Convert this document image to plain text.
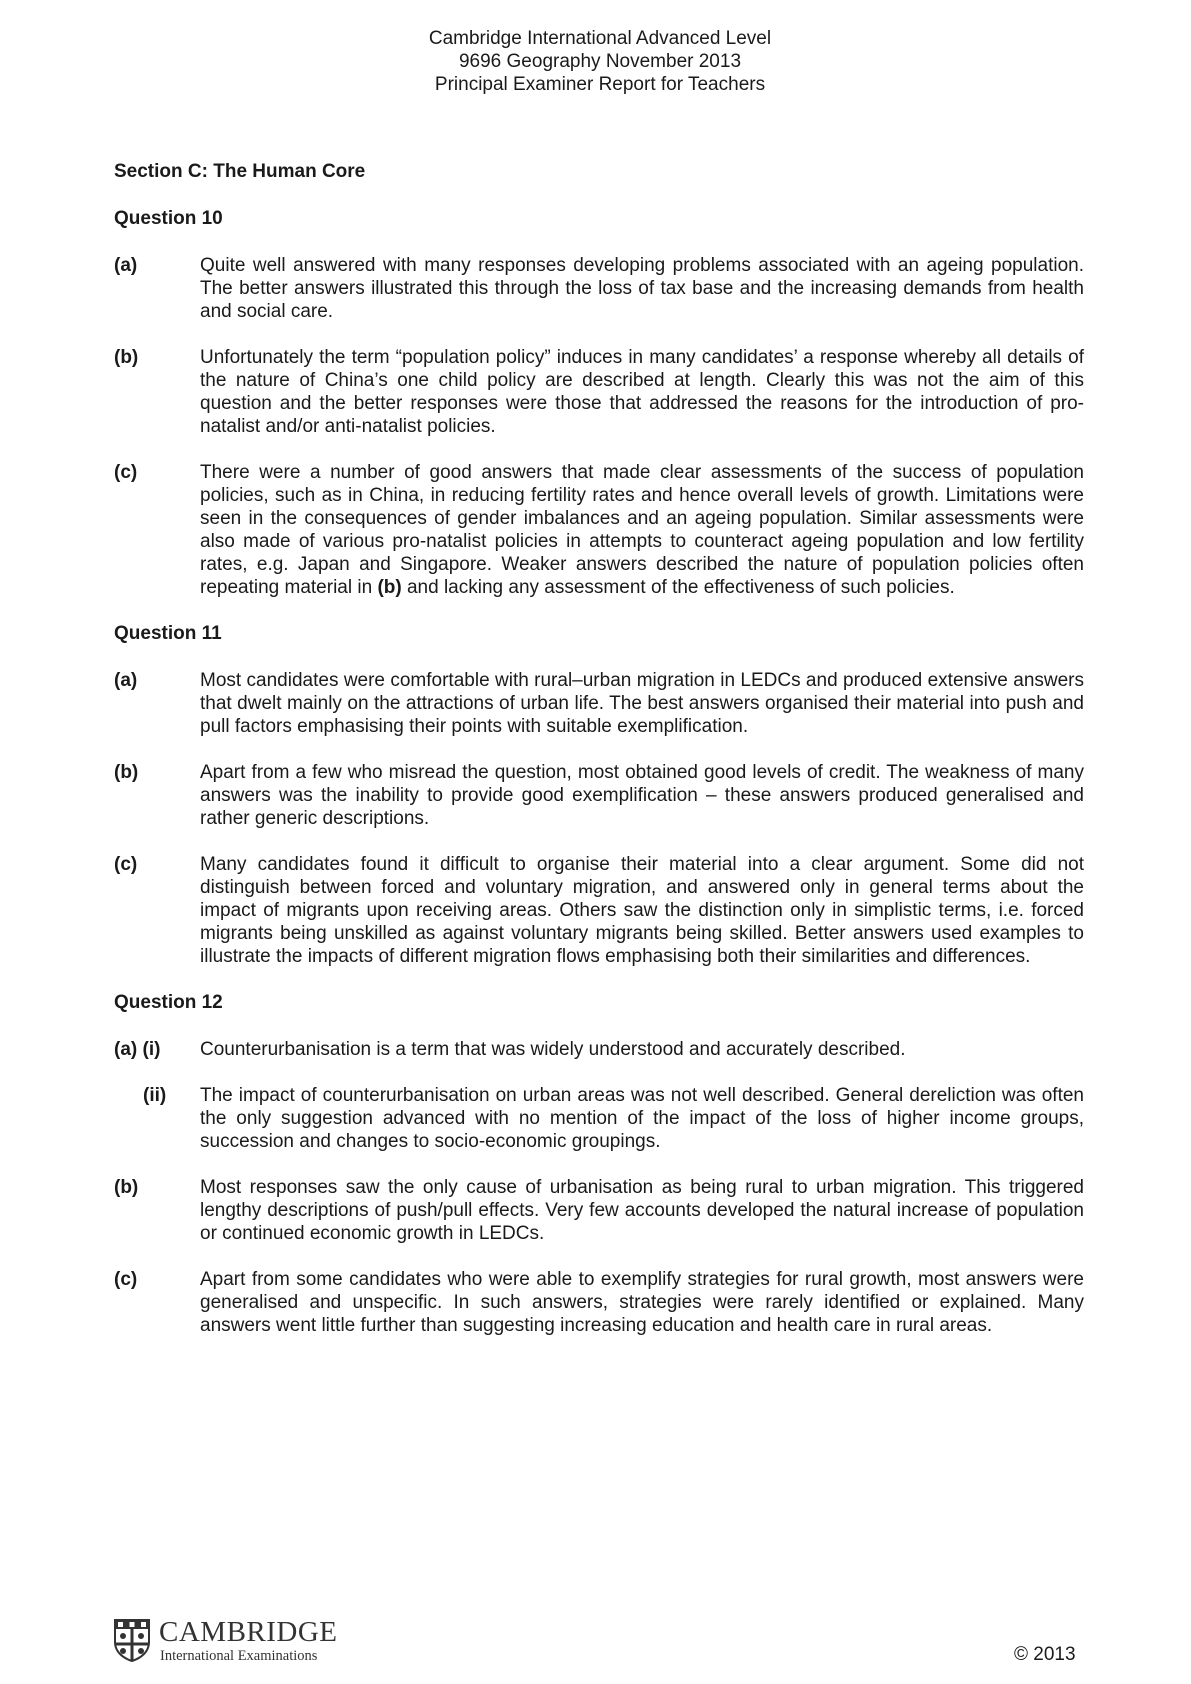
Cambridge International Advanced Level
9696 Geography November 2013
Principal Examiner Report for Teachers
Section C: The Human Core
Question 10
(a)	Quite well answered with many responses developing problems associated with an ageing population. The better answers illustrated this through the loss of tax base and the increasing demands from health and social care.
(b)	Unfortunately the term “population policy” induces in many candidates’ a response whereby all details of the nature of China’s one child policy are described at length. Clearly this was not the aim of this question and the better responses were those that addressed the reasons for the introduction of pro-natalist and/or anti-natalist policies.
(c)	There were a number of good answers that made clear assessments of the success of population policies, such as in China, in reducing fertility rates and hence overall levels of growth. Limitations were seen in the consequences of gender imbalances and an ageing population. Similar assessments were also made of various pro-natalist policies in attempts to counteract ageing population and low fertility rates, e.g. Japan and Singapore. Weaker answers described the nature of population policies often repeating material in (b) and lacking any assessment of the effectiveness of such policies.
Question 11
(a)	Most candidates were comfortable with rural–urban migration in LEDCs and produced extensive answers that dwelt mainly on the attractions of urban life. The best answers organised their material into push and pull factors emphasising their points with suitable exemplification.
(b)	Apart from a few who misread the question, most obtained good levels of credit. The weakness of many answers was the inability to provide good exemplification – these answers produced generalised and rather generic descriptions.
(c)	Many candidates found it difficult to organise their material into a clear argument. Some did not distinguish between forced and voluntary migration, and answered only in general terms about the impact of migrants upon receiving areas. Others saw the distinction only in simplistic terms, i.e. forced migrants being unskilled as against voluntary migrants being skilled. Better answers used examples to illustrate the impacts of different migration flows emphasising both their similarities and differences.
Question 12
(a) (i) Counterurbanisation is a term that was widely understood and accurately described.
(ii) The impact of counterurbanisation on urban areas was not well described. General dereliction was often the only suggestion advanced with no mention of the impact of the loss of higher income groups, succession and changes to socio-economic groupings.
(b)	Most responses saw the only cause of urbanisation as being rural to urban migration. This triggered lengthy descriptions of push/pull effects. Very few accounts developed the natural increase of population or continued economic growth in LEDCs.
(c)	Apart from some candidates who were able to exemplify strategies for rural growth, most answers were generalised and unspecific. In such answers, strategies were rarely identified or explained. Many answers went little further than suggesting increasing education and health care in rural areas.
CAMBRIDGE
International Examinations	© 2013
